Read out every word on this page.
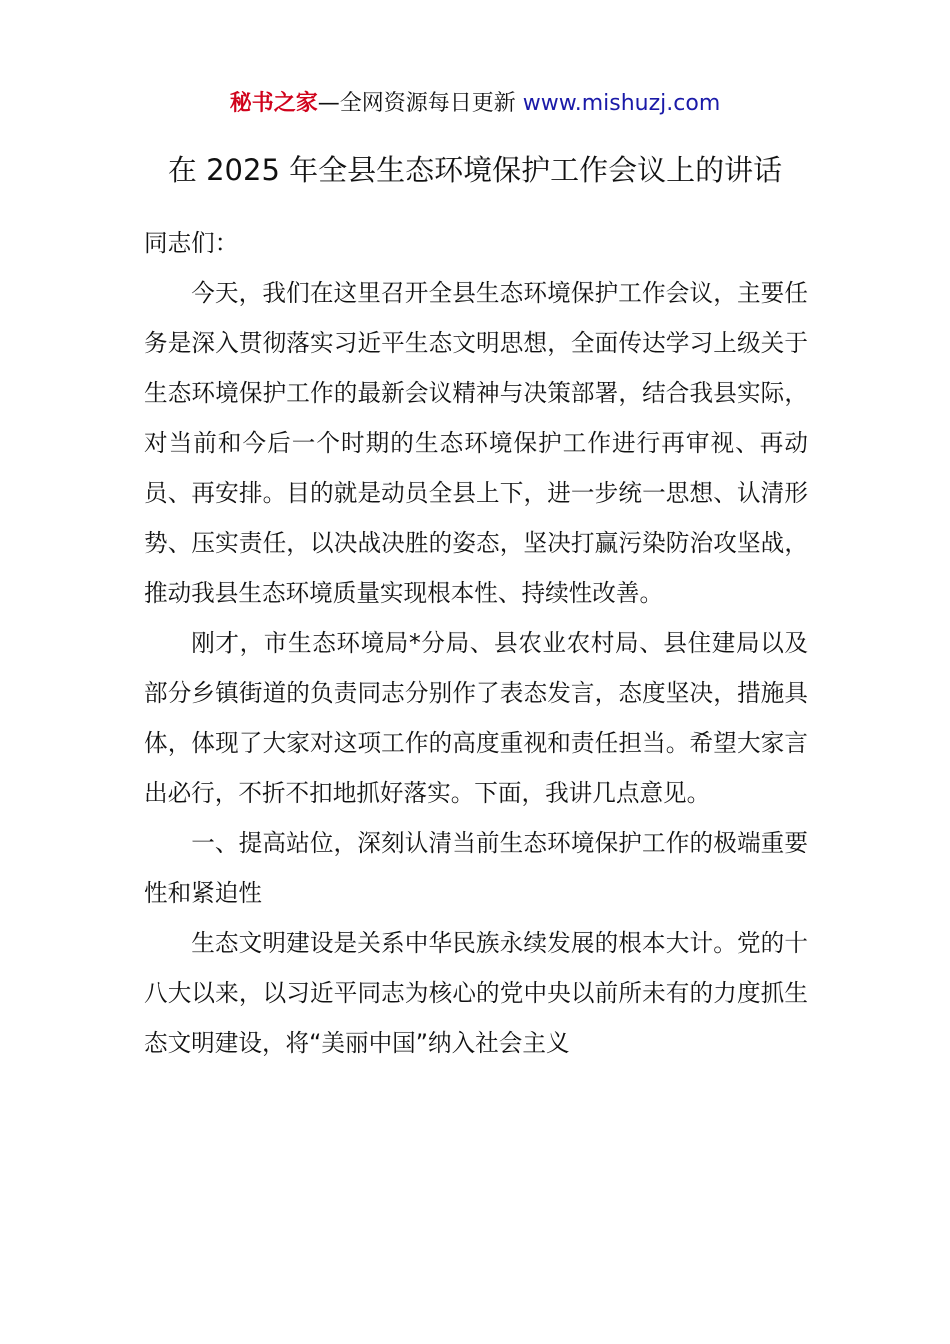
秘书之家—全网资源每日更新 www.mishuzj.com
在 2025 年全县生态环境保护工作会议上的讲话

同志们：

今天，我们在这里召开全县生态环境保护工作会议，主要任务是深入贯彻落实习近平生态文明思想，全面传达学习上级关于生态环境保护工作的最新会议精神与决策部署，结合我县实际，对当前和今后一个时期的生态环境保护工作进行再审视、再动员、再安排。目的就是动员全县上下，进一步统一思想、认清形势、压实责任，以决战决胜的姿态，坚决打赢污染防治攻坚战，推动我县生态环境质量实现根本性、持续性改善。

刚才，市生态环境局*分局、县农业农村局、县住建局以及部分乡镇街道的负责同志分别作了表态发言，态度坚决，措施具体，体现了大家对这项工作的高度重视和责任担当。希望大家言出必行，不折不扣地抓好落实。下面，我讲几点意见。

一、提高站位，深刻认清当前生态环境保护工作的极端重要性和紧迫性

生态文明建设是关系中华民族永续发展的根本大计。党的十八大以来，以习近平同志为核心的党中央以前所未有的力度抓生态文明建设，将“美丽中国”纳入社会主义
